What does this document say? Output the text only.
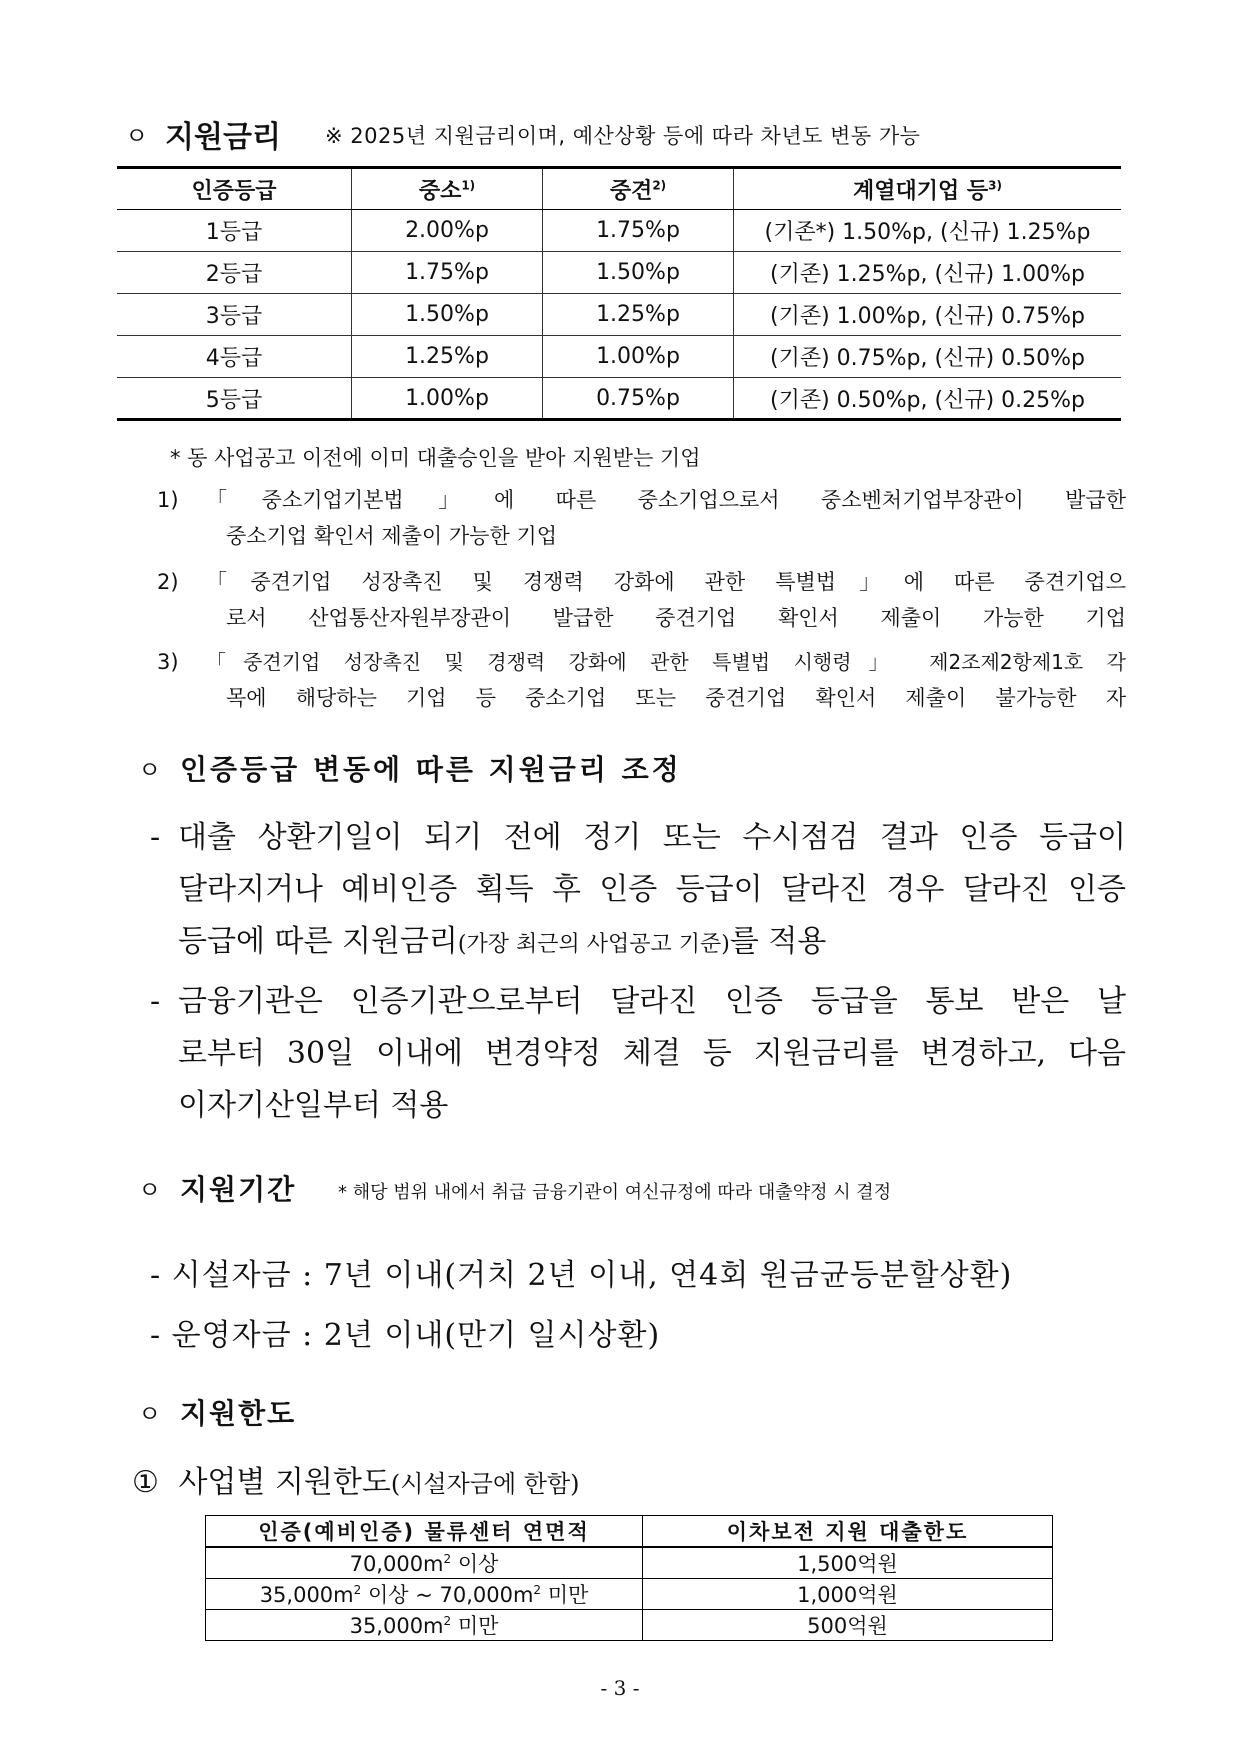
ㅇ 지원금리 ※ 2025년 지원금리이며, 예산상황 등에 따라 차년도 변동 가능
인증등급	중소$^{1)}$	중견$^{2)}$	계열대기업 등$^{3)}$
1등급	2.00%p	1.75%p	(기존*) 1.50%p, (신규) 1.25%p
2등급	1.75%p	1.50%p	(기존) 1.25%p, (신규) 1.00%p
3등급	1.50%p	1.25%p	(기존) 1.00%p, (신규) 0.75%p
4등급	1.25%p	1.00%p	(기존) 0.75%p, (신규) 0.50%p
5등급	1.00%p	0.75%p	(기존) 0.50%p, (신규) 0.25%p
* 동 사업공고 이전에 이미 대출승인을 받아 지원받는 기업
1) 「중소기업기본법」에 따른 중소기업으로서 중소벤처기업부장관이 발급한
중소기업 확인서 제출이 가능한 기업
2) 「중견기업 성장촉진 및 경쟁력 강화에 관한 특별법」에 따른 중견기업으
로서 산업통산자원부장관이 발급한 중견기업 확인서 제출이 가능한 기업
3) 「중견기업 성장촉진 및 경쟁력 강화에 관한 특별법 시행령」 제2조제2항제1호 각
목에 해당하는 기업 등 중소기업 또는 중견기업 확인서 제출이 불가능한 자
ㅇ 인증등급 변동에 따른 지원금리 조정
- 대출 상환기일이 되기 전에 정기 또는 수시점검 결과 인증 등급이
달라지거나 예비인증 획득 후 인증 등급이 달라진 경우 달라진 인증
등급에 따른 지원금리(가장 최근의 사업공고 기준)를 적용
- 금융기관은 인증기관으로부터 달라진 인증 등급을 통보 받은 날
로부터 30일 이내에 변경약정 체결 등 지원금리를 변경하고, 다음
이자기산일부터 적용
ㅇ 지원기간 * 해당 범위 내에서 취급 금융기관이 여신규정에 따라 대출약정 시 결정
- 시설자금 : 7년 이내(거치 2년 이내, 연4회 원금균등분할상환)
- 운영자금 : 2년 이내(만기 일시상환)
ㅇ 지원한도
① 사업별 지원한도(시설자금에 한함)
인증(예비인증) 물류센터 연면적	이차보전 지원 대출한도
$70,000m^2$ 이상	1,500억원
$35,000m^2$ 이상 ~ $70,000m^2$ 미만	1,000억원
$35,000m^2$ 미만	500억원
- 3 -
